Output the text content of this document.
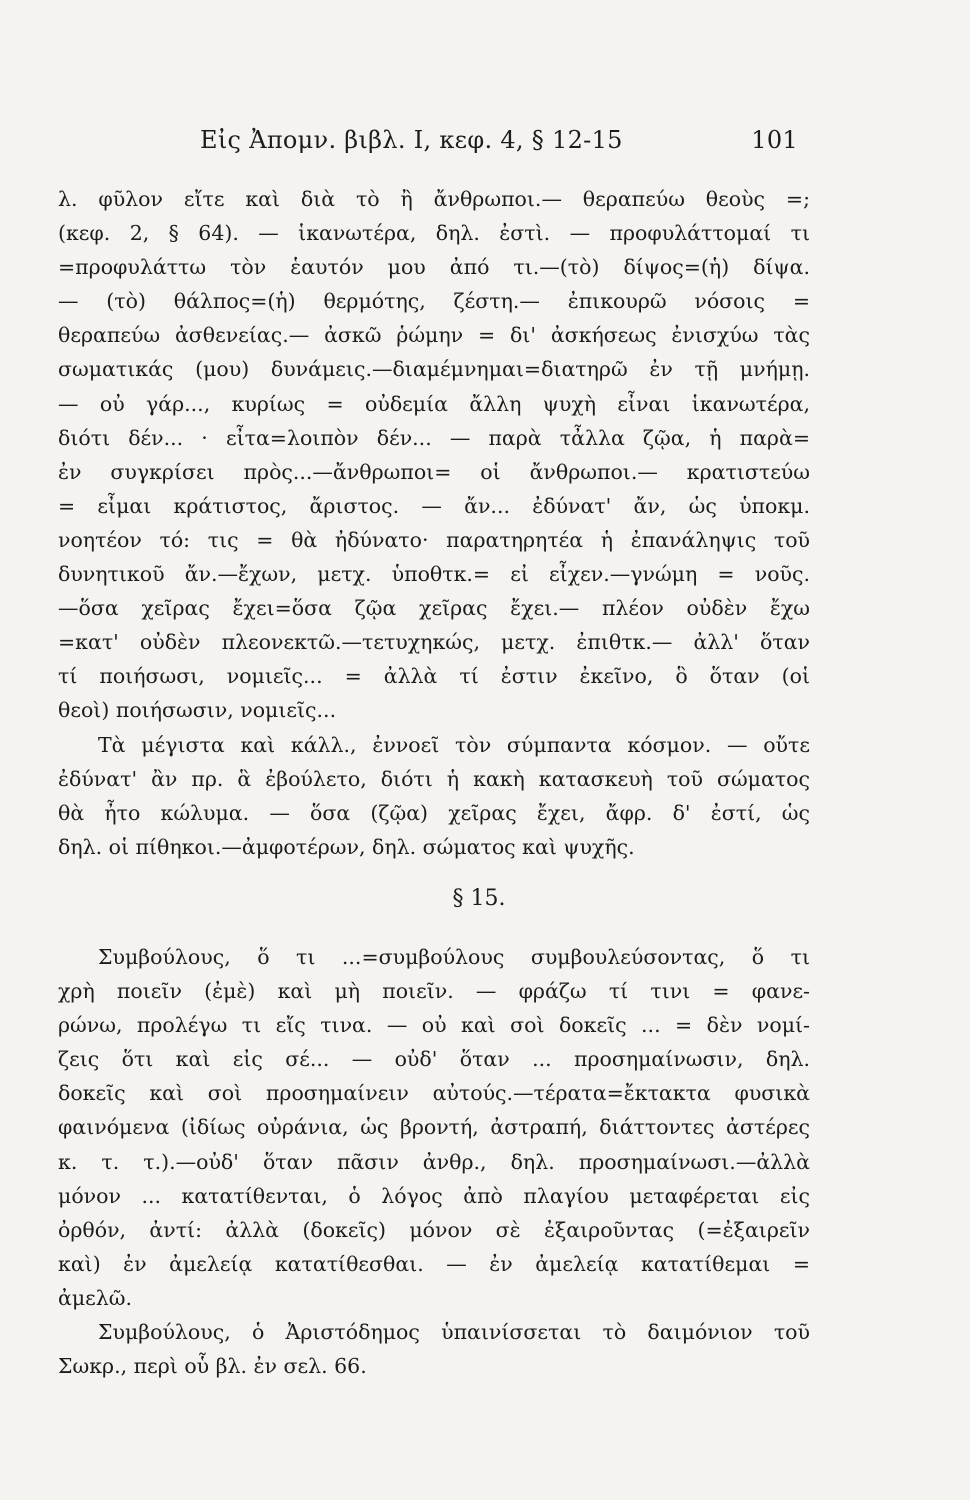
Εἰς Ἀπομν. βιβλ. I, κεφ. 4, § 12-15	101
λ. φῦλον εἴτε καὶ διὰ τὸ ἢ ἄνθρωποι.— θεραπεύω θεοὺς =;
(κεφ. 2, § 64). — ἱκανωτέρα, δηλ. ἐστὶ. — προφυλάττομαί τι
=προφυλάττω τὸν ἑαυτόν μου ἀπό τι.—(τὸ) δίψος=(ἡ) δίψα.
— (τὸ) θάλπος=(ἡ) θερμότης, ζέστη.— ἐπικουρῶ νόσοις =
θεραπεύω ἀσθενείας.— ἀσκῶ ῥώμην = δι' ἀσκήσεως ἐνισχύω τὰς
σωματικάς (μου) δυνάμεις.—διαμέμνημαι=διατηρῶ ἐν τῇ μνήμῃ.
— οὐ γάρ..., κυρίως = οὐδεμία ἄλλη ψυχὴ εἶναι ἱκανωτέρα,
διότι δέν... · εἶτα=λοιπὸν δέν... — παρὰ τἆλλα ζῷα, ἡ παρὰ=
ἐν συγκρίσει πρὸς...—ἄνθρωποι= οἱ ἄνθρωποι.— κρατιστεύω
= εἶμαι κράτιστος, ἄριστος. — ἄν... ἐδύνατ' ἄν, ὡς ὑποκμ.
νοητέον τό: τις = θὰ ἠδύνατο· παρατηρητέα ἡ ἐπανάληψις τοῦ
δυνητικοῦ ἄν.—ἔχων, μετχ. ὑποθτκ.= εἰ εἶχεν.—γνώμη = νοῦς.
—ὅσα χεῖρας ἔχει=ὅσα ζῷα χεῖρας ἔχει.— πλέον οὐδὲν ἔχω
=κατ' οὐδὲν πλεονεκτῶ.—τετυχηκώς, μετχ. ἐπιθτκ.— ἀλλ' ὅταν
τί ποιήσωσι, νομιεῖς... = ἀλλὰ τί ἐστιν ἐκεῖνο, ὃ ὅταν (οἱ
θεοὶ) ποιήσωσιν, νομιεῖς...
Τὰ μέγιστα καὶ κάλλ., ἐννοεῖ τὸν σύμπαντα κόσμον. — οὔτε
ἐδύνατ' ἂν πρ. ἃ ἐβούλετο, διότι ἡ κακὴ κατασκευὴ τοῦ σώματος
θὰ ἦτο κώλυμα. — ὅσα (ζῷα) χεῖρας ἔχει, ἄφρ. δ' ἐστί, ὡς
δηλ. οἱ πίθηκοι.—ἀμφοτέρων, δηλ. σώματος καὶ ψυχῆς.
§ 15.
Συμβούλους, ὅ τι ...=συμβούλους συμβουλεύσοντας, ὅ τι
χρὴ ποιεῖν (ἐμὲ) καὶ μὴ ποιεῖν. — φράζω τί τινι = φανε-
ρώνω, προλέγω τι εἴς τινα. — οὐ καὶ σοὶ δοκεῖς ... = δὲν νομί-
ζεις ὅτι καὶ εἰς σέ... — οὐδ' ὅταν ... προσημαίνωσιν, δηλ.
δοκεῖς καὶ σοὶ προσημαίνειν αὐτούς.—τέρατα=ἔκτακτα φυσικὰ
φαινόμενα (ἰδίως οὐράνια, ὡς βροντή, ἀστραπή, διάττοντες ἀστέρες
κ. τ. τ.).—οὐδ' ὅταν πᾶσιν ἀνθρ., δηλ. προσημαίνωσι.—ἀλλὰ
μόνον ... κατατίθενται, ὁ λόγος ἀπὸ πλαγίου μεταφέρεται εἰς
ὀρθόν, ἀντί: ἀλλὰ (δοκεῖς) μόνον σὲ ἐξαιροῦντας (=ἐξαιρεῖν
καὶ) ἐν ἀμελείᾳ κατατίθεσθαι. — ἐν ἀμελείᾳ κατατίθεμαι =
ἀμελῶ.
Συμβούλους, ὁ Ἀριστόδημος ὑπαινίσσεται τὸ δαιμόνιον τοῦ
Σωκρ., περὶ οὗ βλ. ἐν σελ. 66.
